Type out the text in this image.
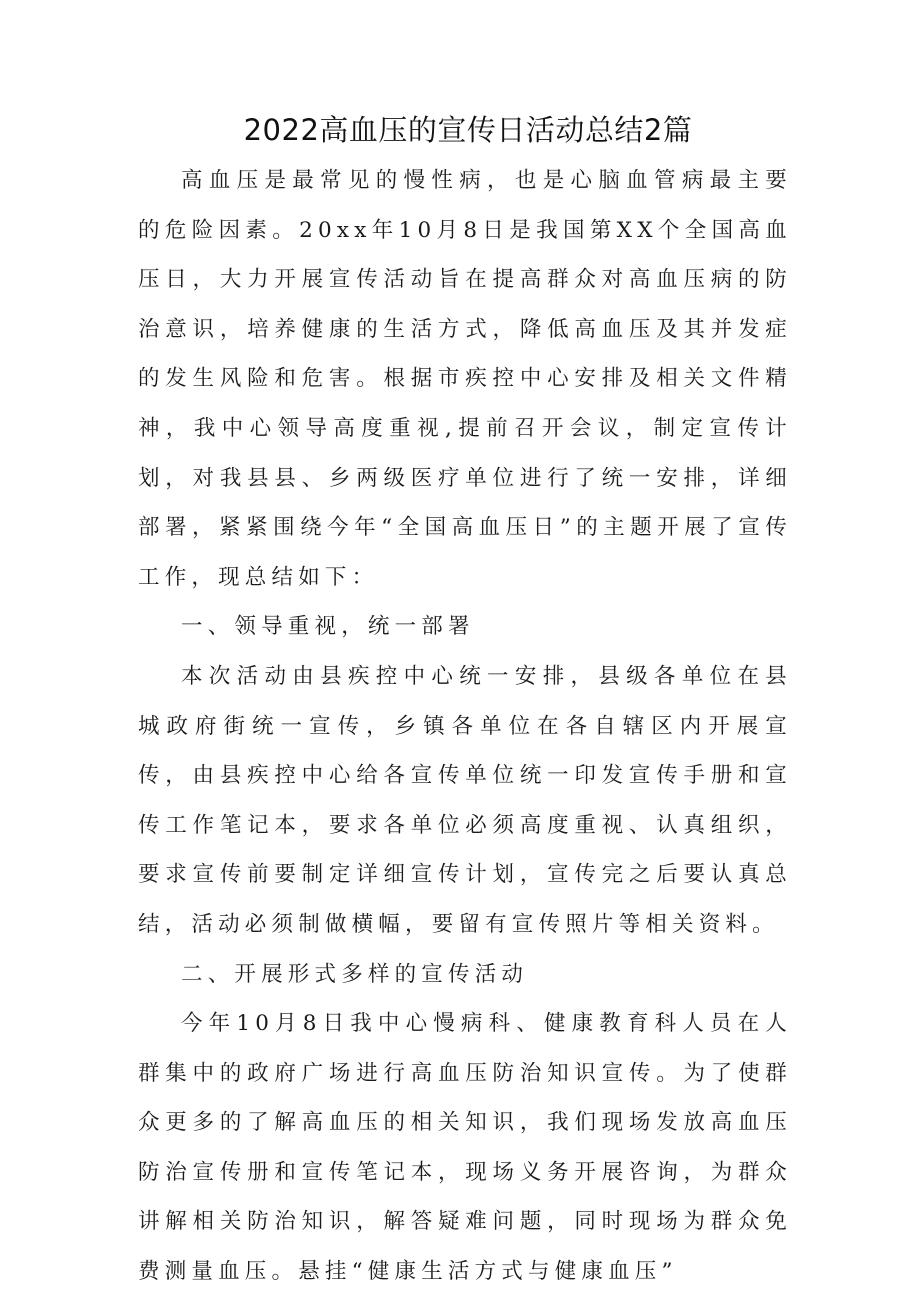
2022高血压的宣传日活动总结2篇

高血压是最常见的慢性病，也是心脑血管病最主要的危险因素。20xx年10月8日是我国第XX个全国高血压日，大力开展宣传活动旨在提高群众对高血压病的防治意识，培养健康的生活方式，降低高血压及其并发症的发生风险和危害。根据市疾控中心安排及相关文件精神，我中心领导高度重视,提前召开会议，制定宣传计划，对我县县、乡两级医疗单位进行了统一安排，详细部署，紧紧围绕今年“全国高血压日”的主题开展了宣传工作，现总结如下：

一、领导重视，统一部署

本次活动由县疾控中心统一安排，县级各单位在县城政府街统一宣传，乡镇各单位在各自辖区内开展宣传，由县疾控中心给各宣传单位统一印发宣传手册和宣传工作笔记本，要求各单位必须高度重视、认真组织，要求宣传前要制定详细宣传计划，宣传完之后要认真总结，活动必须制做横幅，要留有宣传照片等相关资料。

二、开展形式多样的宣传活动

今年10月8日我中心慢病科、健康教育科人员在人群集中的政府广场进行高血压防治知识宣传。为了使群众更多的了解高血压的相关知识，我们现场发放高血压防治宣传册和宣传笔记本，现场义务开展咨询，为群众讲解相关防治知识，解答疑难问题，同时现场为群众免费测量血压。悬挂“健康生活方式与健康血压”
